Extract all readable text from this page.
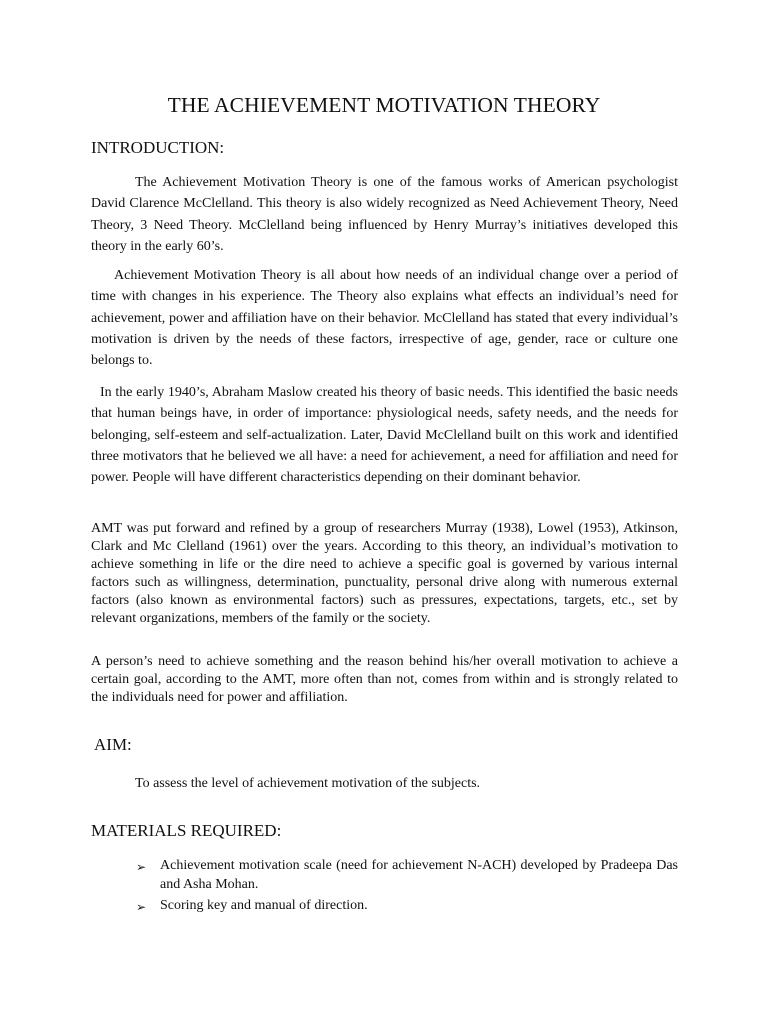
THE ACHIEVEMENT MOTIVATION THEORY
INTRODUCTION:

The Achievement Motivation Theory is one of the famous works of American psychologist David Clarence McClelland. This theory is also widely recognized as Need Achievement Theory, Need Theory, 3 Need Theory. McClelland being influenced by Henry Murray’s initiatives developed this theory in the early 60’s.

Achievement Motivation Theory is all about how needs of an individual change over a period of time with changes in his experience. The Theory also explains what effects an individual’s need for achievement, power and affiliation have on their behavior. McClelland has stated that every individual’s motivation is driven by the needs of these factors, irrespective of age, gender, race or culture one belongs to.

In the early 1940’s, Abraham Maslow created his theory of basic needs. This identified the basic needs that human beings have, in order of importance: physiological needs, safety needs, and the needs for belonging, self-esteem and self-actualization. Later, David McClelland built on this work and identified three motivators that he believed we all have: a need for achievement, a need for affiliation and need for power. People will have different characteristics depending on their dominant behavior.

AMT was put forward and refined by a group of researchers Murray (1938), Lowel (1953), Atkinson, Clark and Mc Clelland (1961) over the years. According to this theory, an individual’s motivation to achieve something in life or the dire need to achieve a specific goal is governed by various internal factors such as willingness, determination, punctuality, personal drive along with numerous external factors (also known as environmental factors) such as pressures, expectations, targets, etc., set by relevant organizations, members of the family or the society.

A person’s need to achieve something and the reason behind his/her overall motivation to achieve a certain goal, according to the AMT, more often than not, comes from within and is strongly related to the individuals need for power and affiliation.

AIM:
To assess the level of achievement motivation of the subjects.
MATERIALS REQUIRED:
➢ Achievement motivation scale (need for achievement N-ACH) developed by Pradeepa Das and Asha Mohan.
➢ Scoring key and manual of direction.
